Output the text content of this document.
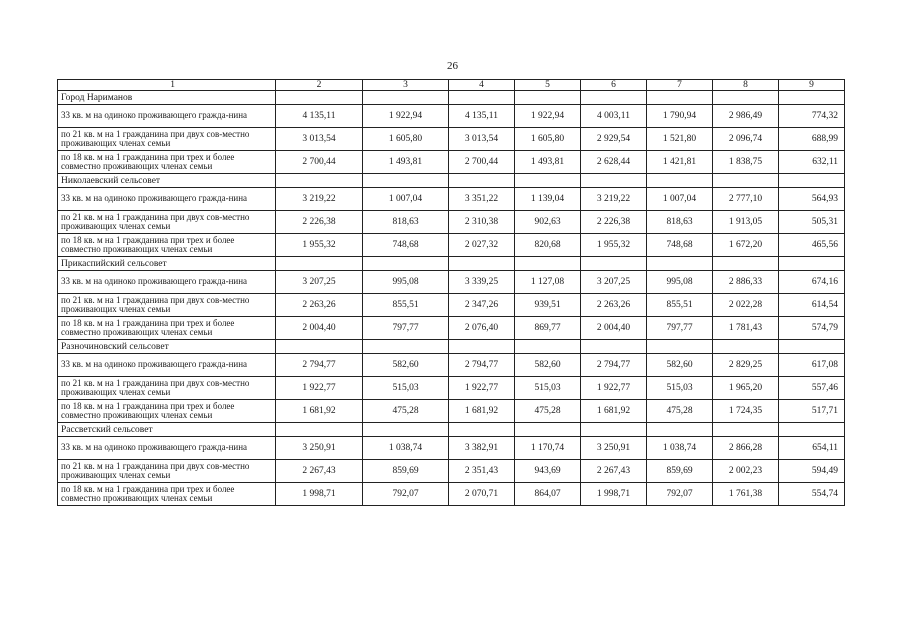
26
1	2	3	4	5	6	7	8	9
Город Нариманов								
33 кв. м на одиноко проживающего гражда-нина	4 135,11	1 922,94	4 135,11	1 922,94	4 003,11	1 790,94	2 986,49	774,32
по 21 кв. м на 1 гражданина при двух сов-местно проживающих членах семьи	3 013,54	1 605,80	3 013,54	1 605,80	2 929,54	1 521,80	2 096,74	688,99
по 18 кв. м на 1 гражданина при трех и более совместно проживающих членах семьи	2 700,44	1 493,81	2 700,44	1 493,81	2 628,44	1 421,81	1 838,75	632,11
Николаевский сельсовет								
33 кв. м на одиноко проживающего гражда-нина	3 219,22	1 007,04	3 351,22	1 139,04	3 219,22	1 007,04	2 777,10	564,93
по 21 кв. м на 1 гражданина при двух сов-местно проживающих членах семьи	2 226,38	818,63	2 310,38	902,63	2 226,38	818,63	1 913,05	505,31
по 18 кв. м на 1 гражданина при трех и более совместно проживающих членах семьи	1 955,32	748,68	2 027,32	820,68	1 955,32	748,68	1 672,20	465,56
Прикаспийский сельсовет								
33 кв. м на одиноко проживающего гражда-нина	3 207,25	995,08	3 339,25	1 127,08	3 207,25	995,08	2 886,33	674,16
по 21 кв. м на 1 гражданина при двух сов-местно проживающих членах семьи	2 263,26	855,51	2 347,26	939,51	2 263,26	855,51	2 022,28	614,54
по 18 кв. м на 1 гражданина при трех и более совместно проживающих членах семьи	2 004,40	797,77	2 076,40	869,77	2 004,40	797,77	1 781,43	574,79
Разночиновский сельсовет								
33 кв. м на одиноко проживающего гражда-нина	2 794,77	582,60	2 794,77	582,60	2 794,77	582,60	2 829,25	617,08
по 21 кв. м на 1 гражданина при двух сов-местно проживающих членах семьи	1 922,77	515,03	1 922,77	515,03	1 922,77	515,03	1 965,20	557,46
по 18 кв. м на 1 гражданина при трех и более совместно проживающих членах семьи	1 681,92	475,28	1 681,92	475,28	1 681,92	475,28	1 724,35	517,71
Рассветский сельсовет								
33 кв. м на одиноко проживающего гражда-нина	3 250,91	1 038,74	3 382,91	1 170,74	3 250,91	1 038,74	2 866,28	654,11
по 21 кв. м на 1 гражданина при двух сов-местно проживающих членах семьи	2 267,43	859,69	2 351,43	943,69	2 267,43	859,69	2 002,23	594,49
по 18 кв. м на 1 гражданина при трех и более совместно проживающих членах семьи	1 998,71	792,07	2 070,71	864,07	1 998,71	792,07	1 761,38	554,74
